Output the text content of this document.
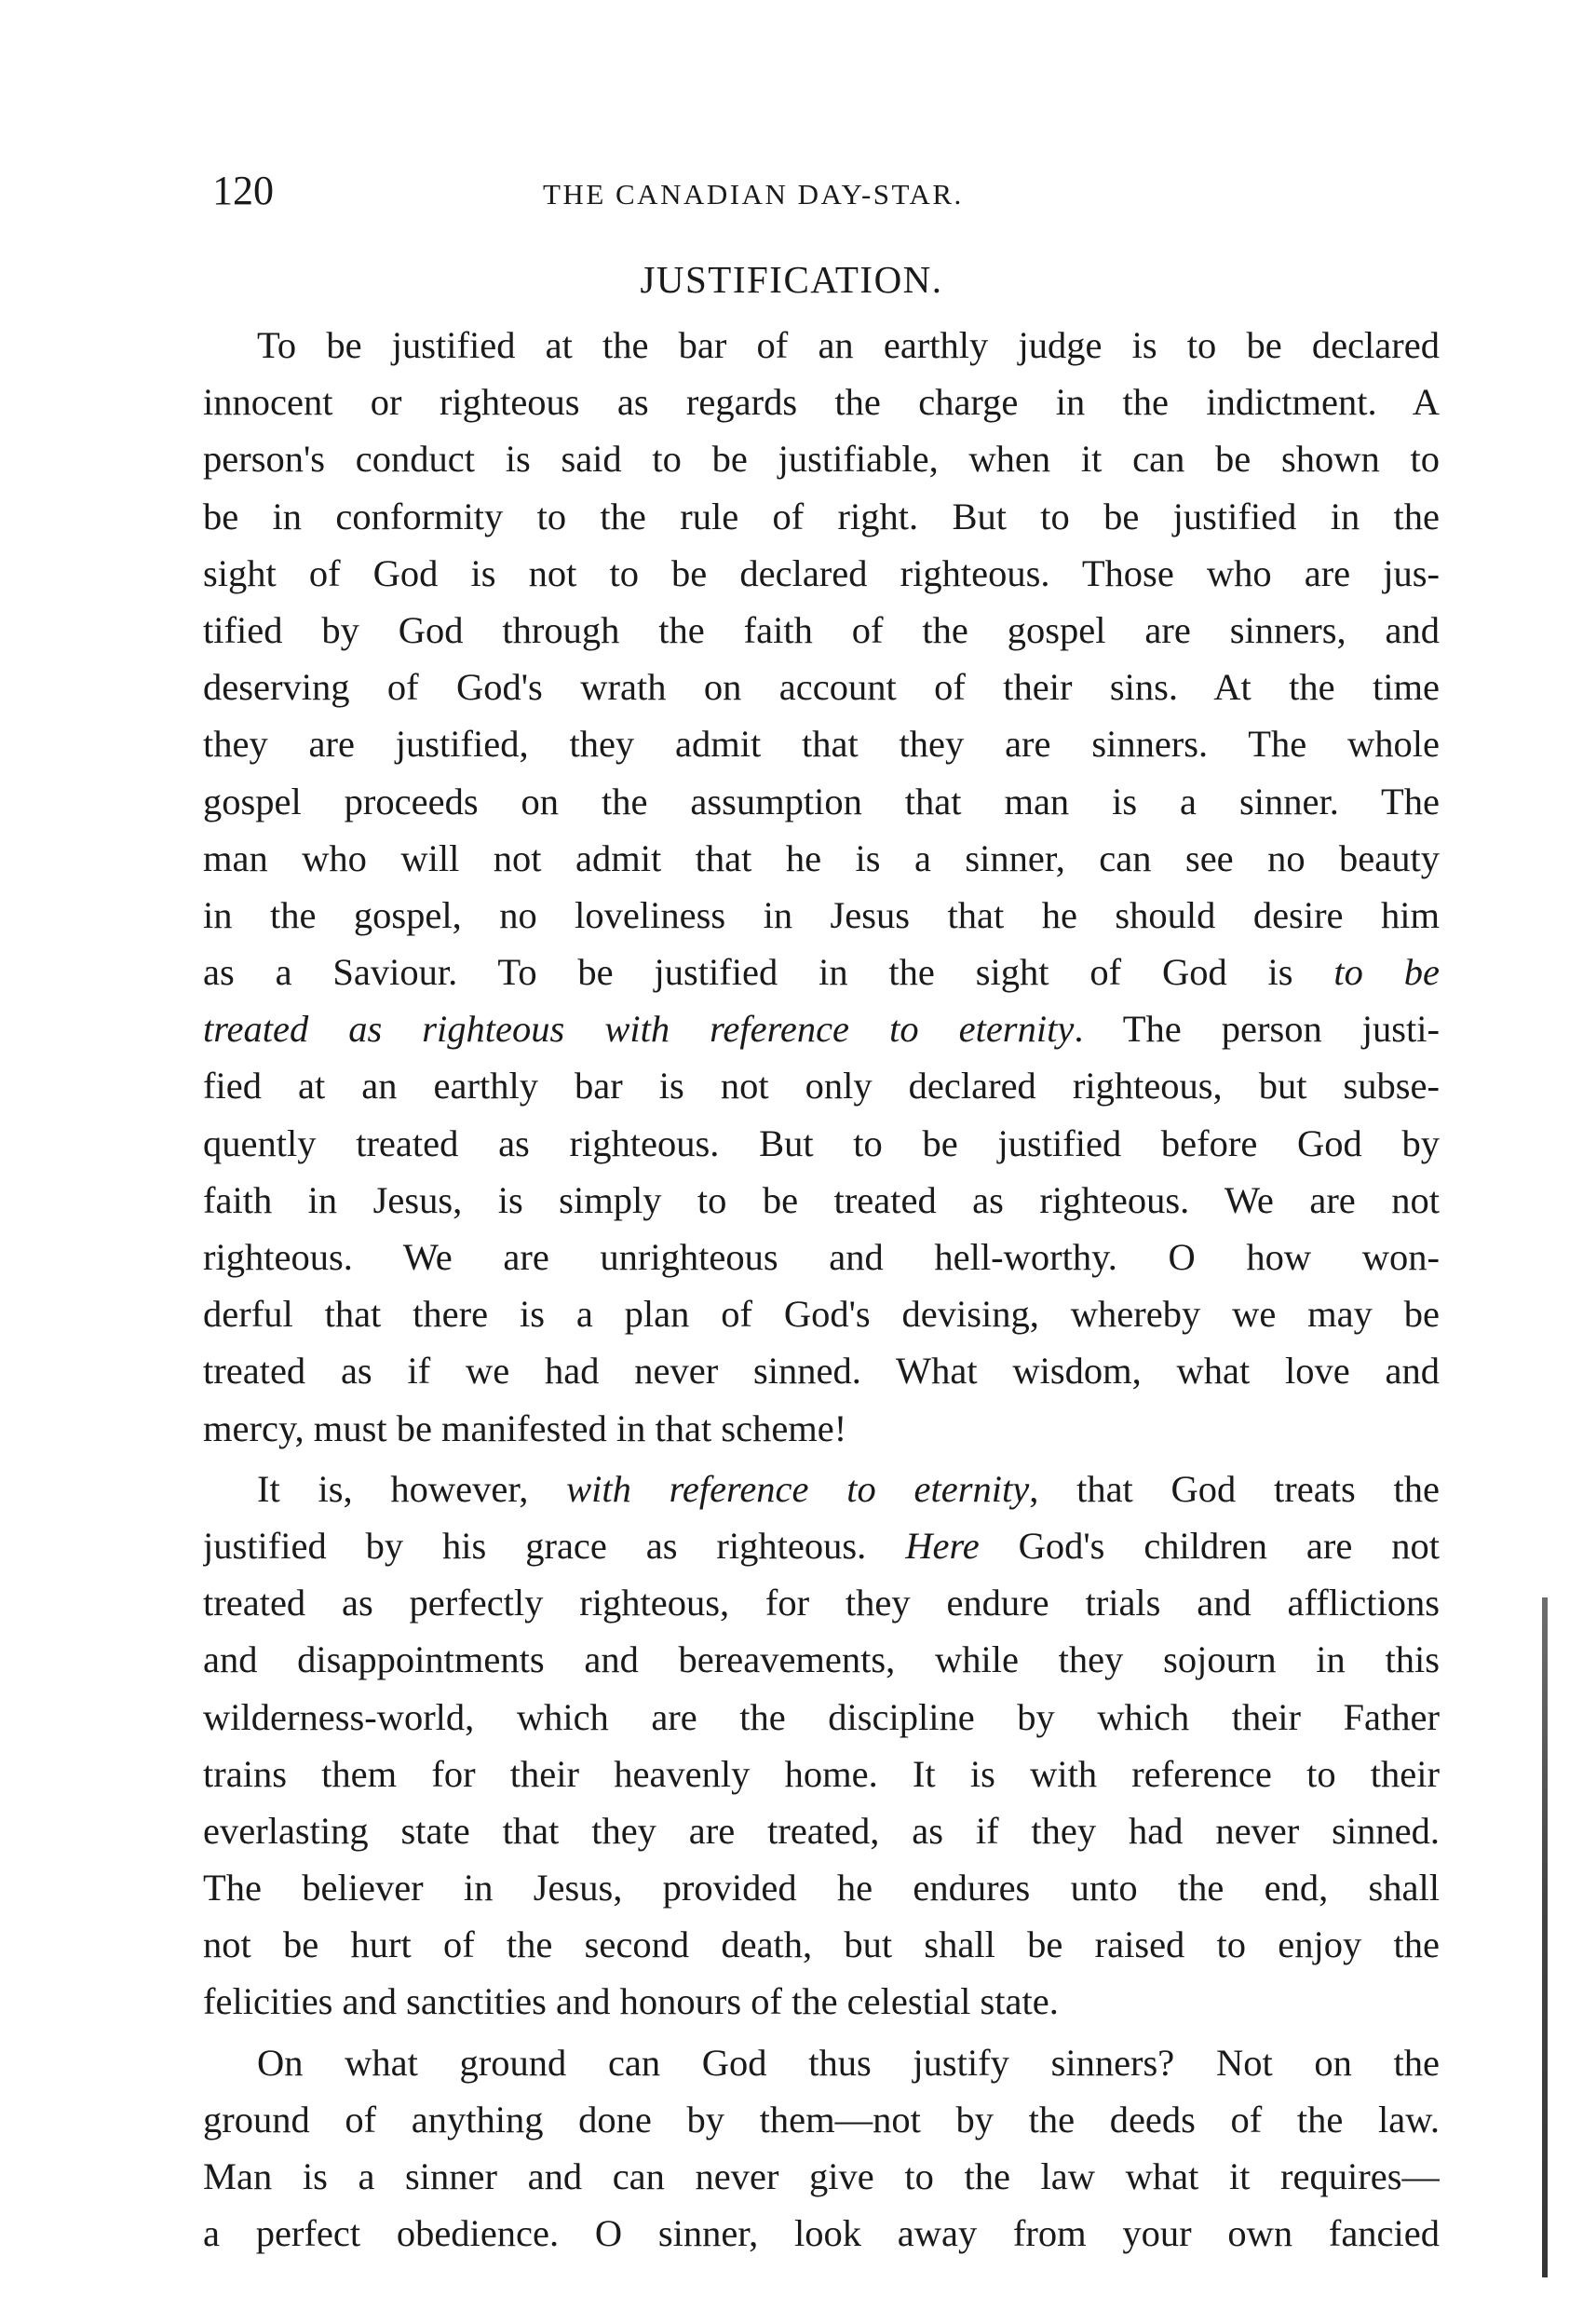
120	THE CANADIAN DAY-STAR.
JUSTIFICATION.
To be justified at the bar of an earthly judge is to be declared
innocent or righteous as regards the charge in the indictment. A
person's conduct is said to be justifiable, when it can be shown to
be in conformity to the rule of right. But to be justified in the
sight of God is not to be declared righteous. Those who are jus-
tified by God through the faith of the gospel are sinners, and
deserving of God's wrath on account of their sins. At the time
they are justified, they admit that they are sinners. The whole
gospel proceeds on the assumption that man is a sinner. The
man who will not admit that he is a sinner, can see no beauty
in the gospel, no loveliness in Jesus that he should desire him
as a Saviour. To be justified in the sight of God is to be
treated as righteous with reference to eternity. The person justi-
fied at an earthly bar is not only declared righteous, but subse-
quently treated as righteous. But to be justified before God by
faith in Jesus, is simply to be treated as righteous. We are not
righteous. We are unrighteous and hell-worthy. O how won-
derful that there is a plan of God's devising, whereby we may be
treated as if we had never sinned. What wisdom, what love and
mercy, must be manifested in that scheme!
It is, however, with reference to eternity, that God treats the
justified by his grace as righteous. Here God's children are not
treated as perfectly righteous, for they endure trials and afflictions
and disappointments and bereavements, while they sojourn in this
wilderness-world, which are the discipline by which their Father
trains them for their heavenly home. It is with reference to their
everlasting state that they are treated, as if they had never sinned.
The believer in Jesus, provided he endures unto the end, shall
not be hurt of the second death, but shall be raised to enjoy the
felicities and sanctities and honours of the celestial state.
On what ground can God thus justify sinners? Not on the
ground of anything done by them—not by the deeds of the law.
Man is a sinner and can never give to the law what it requires—
a perfect obedience. O sinner, look away from your own fancied
